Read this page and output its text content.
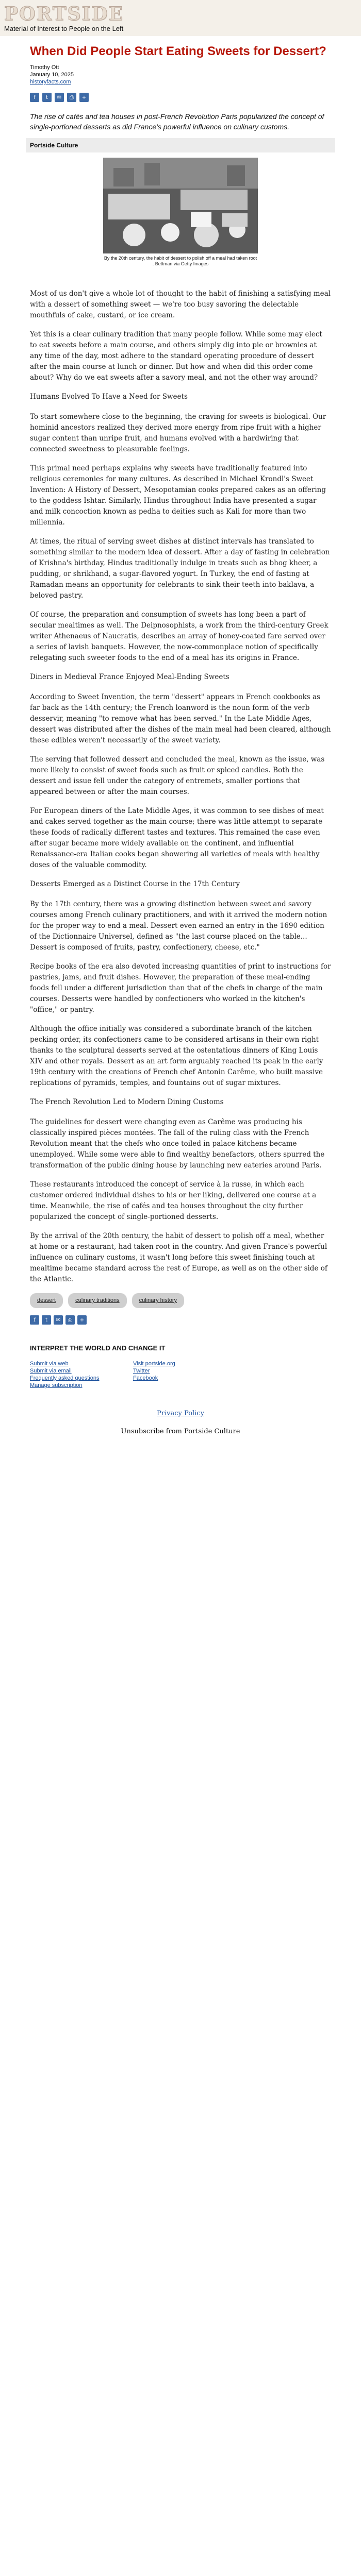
PORTSIDE
Material of Interest to People on the Left
When Did People Start Eating Sweets for Dessert?
Timothy Ott
January 10, 2025
historyfacts.com
f	t	✉	⎙	+
The rise of cafés and tea houses in post-French Revolution Paris popularized the concept of single-portioned desserts as did France's powerful influence on culinary customs.
Portside Culture
By the 20th century, the habit of dessert to polish off a meal had taken root . Bettman via Getty Images

Most of us don't give a whole lot of thought to the habit of finishing a satisfying meal with a dessert of something sweet — we're too busy savoring the delectable mouthfuls of cake, custard, or ice cream.

Yet this is a clear culinary tradition that many people follow. While some may elect to eat sweets before a main course, and others simply dig into pie or brownies at any time of the day, most adhere to the standard operating procedure of dessert after the main course at lunch or dinner. But how and when did this order come about? Why do we eat sweets after a savory meal, and not the other way around?

Humans Evolved To Have a Need for Sweets

To start somewhere close to the beginning, the craving for sweets is biological. Our hominid ancestors realized they derived more energy from ripe fruit with a higher sugar content than unripe fruit, and humans evolved with a hardwiring that connected sweetness to pleasurable feelings.

This primal need perhaps explains why sweets have traditionally featured into religious ceremonies for many cultures. As described in Michael Krondl's Sweet Invention: A History of Dessert, Mesopotamian cooks prepared cakes as an offering to the goddess Ishtar. Similarly, Hindus throughout India have presented a sugar and milk concoction known as pedha to deities such as Kali for more than two millennia.

At times, the ritual of serving sweet dishes at distinct intervals has translated to something similar to the modern idea of dessert. After a day of fasting in celebration of Krishna's birthday, Hindus traditionally indulge in treats such as bhog kheer, a pudding, or shrikhand, a sugar-flavored yogurt. In Turkey, the end of fasting at Ramadan means an opportunity for celebrants to sink their teeth into baklava, a beloved pastry.

Of course, the preparation and consumption of sweets has long been a part of secular mealtimes as well. The Deipnosophists, a work from the third-century Greek writer Athenaeus of Naucratis, describes an array of honey-coated fare served over a series of lavish banquets. However, the now-commonplace notion of specifically relegating such sweeter foods to the end of a meal has its origins in France.

Diners in Medieval France Enjoyed Meal-Ending Sweets

According to Sweet Invention, the term "dessert" appears in French cookbooks as far back as the 14th century; the French loanword is the noun form of the verb desservir, meaning "to remove what has been served." In the Late Middle Ages, dessert was distributed after the dishes of the main meal had been cleared, although these edibles weren't necessarily of the sweet variety.

The serving that followed dessert and concluded the meal, known as the issue, was more likely to consist of sweet foods such as fruit or spiced candies. Both the dessert and issue fell under the category of entremets, smaller portions that appeared between or after the main courses.

For European diners of the Late Middle Ages, it was common to see dishes of meat and cakes served together as the main course; there was little attempt to separate these foods of radically different tastes and textures. This remained the case even after sugar became more widely available on the continent, and influential Renaissance-era Italian cooks began showering all varieties of meals with healthy doses of the valuable commodity.

Desserts Emerged as a Distinct Course in the 17th Century

By the 17th century, there was a growing distinction between sweet and savory courses among French culinary practitioners, and with it arrived the modern notion for the proper way to end a meal. Dessert even earned an entry in the 1690 edition of the Dictionnaire Universel, defined as "the last course placed on the table... Dessert is composed of fruits, pastry, confectionery, cheese, etc."

Recipe books of the era also devoted increasing quantities of print to instructions for pastries, jams, and fruit dishes. However, the preparation of these meal-ending foods fell under a different jurisdiction than that of the chefs in charge of the main courses. Desserts were handled by confectioners who worked in the kitchen's "office," or pantry.

Although the office initially was considered a subordinate branch of the kitchen pecking order, its confectioners came to be considered artisans in their own right thanks to the sculptural desserts served at the ostentatious dinners of King Louis XIV and other royals. Dessert as an art form arguably reached its peak in the early 19th century with the creations of French chef Antonin Carême, who built massive replications of pyramids, temples, and fountains out of sugar mixtures.

The French Revolution Led to Modern Dining Customs

The guidelines for dessert were changing even as Carême was producing his classically inspired pièces montées. The fall of the ruling class with the French Revolution meant that the chefs who once toiled in palace kitchens became unemployed. While some were able to find wealthy benefactors, others spurred the transformation of the public dining house by launching new eateries around Paris.

These restaurants introduced the concept of service à la russe, in which each customer ordered individual dishes to his or her liking, delivered one course at a time. Meanwhile, the rise of cafés and tea houses throughout the city further popularized the concept of single-portioned desserts.

By the arrival of the 20th century, the habit of dessert to polish off a meal, whether at home or a restaurant, had taken root in the country. And given France's powerful influence on culinary customs, it wasn't long before this sweet finishing touch at mealtime became standard across the rest of Europe, as well as on the other side of the Atlantic.

dessert	culinary traditions	culinary history
f	t	✉	⎙	+
INTERPRET THE WORLD AND CHANGE IT
Submit via web	Visit portside.org
Submit via email	Twitter
Frequently asked questions	Facebook
Manage subscription
Privacy Policy
Unsubscribe from Portside Culture
